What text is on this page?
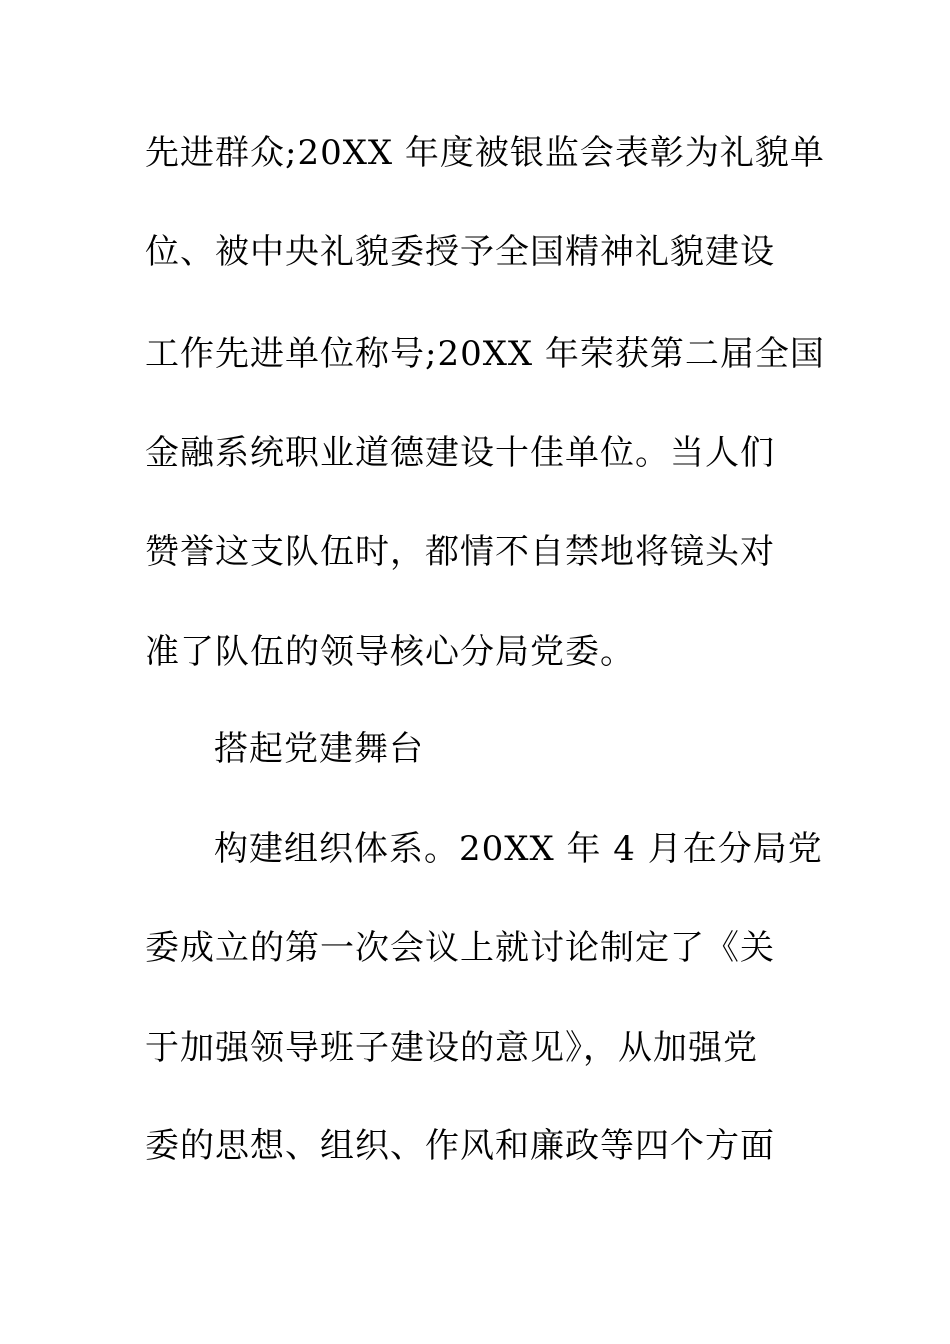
先进群众;20XX 年度被银监会表彰为礼貌单
位、被中央礼貌委授予全国精神礼貌建设
工作先进单位称号;20XX 年荣获第二届全国
金融系统职业道德建设十佳单位。当人们
赞誉这支队伍时，都情不自禁地将镜头对
准了队伍的领导核心分局党委。
搭起党建舞台
构建组织体系。20XX 年 4 月在分局党
委成立的第一次会议上就讨论制定了《关
于加强领导班子建设的意见》，从加强党
委的思想、组织、作风和廉政等四个方面
